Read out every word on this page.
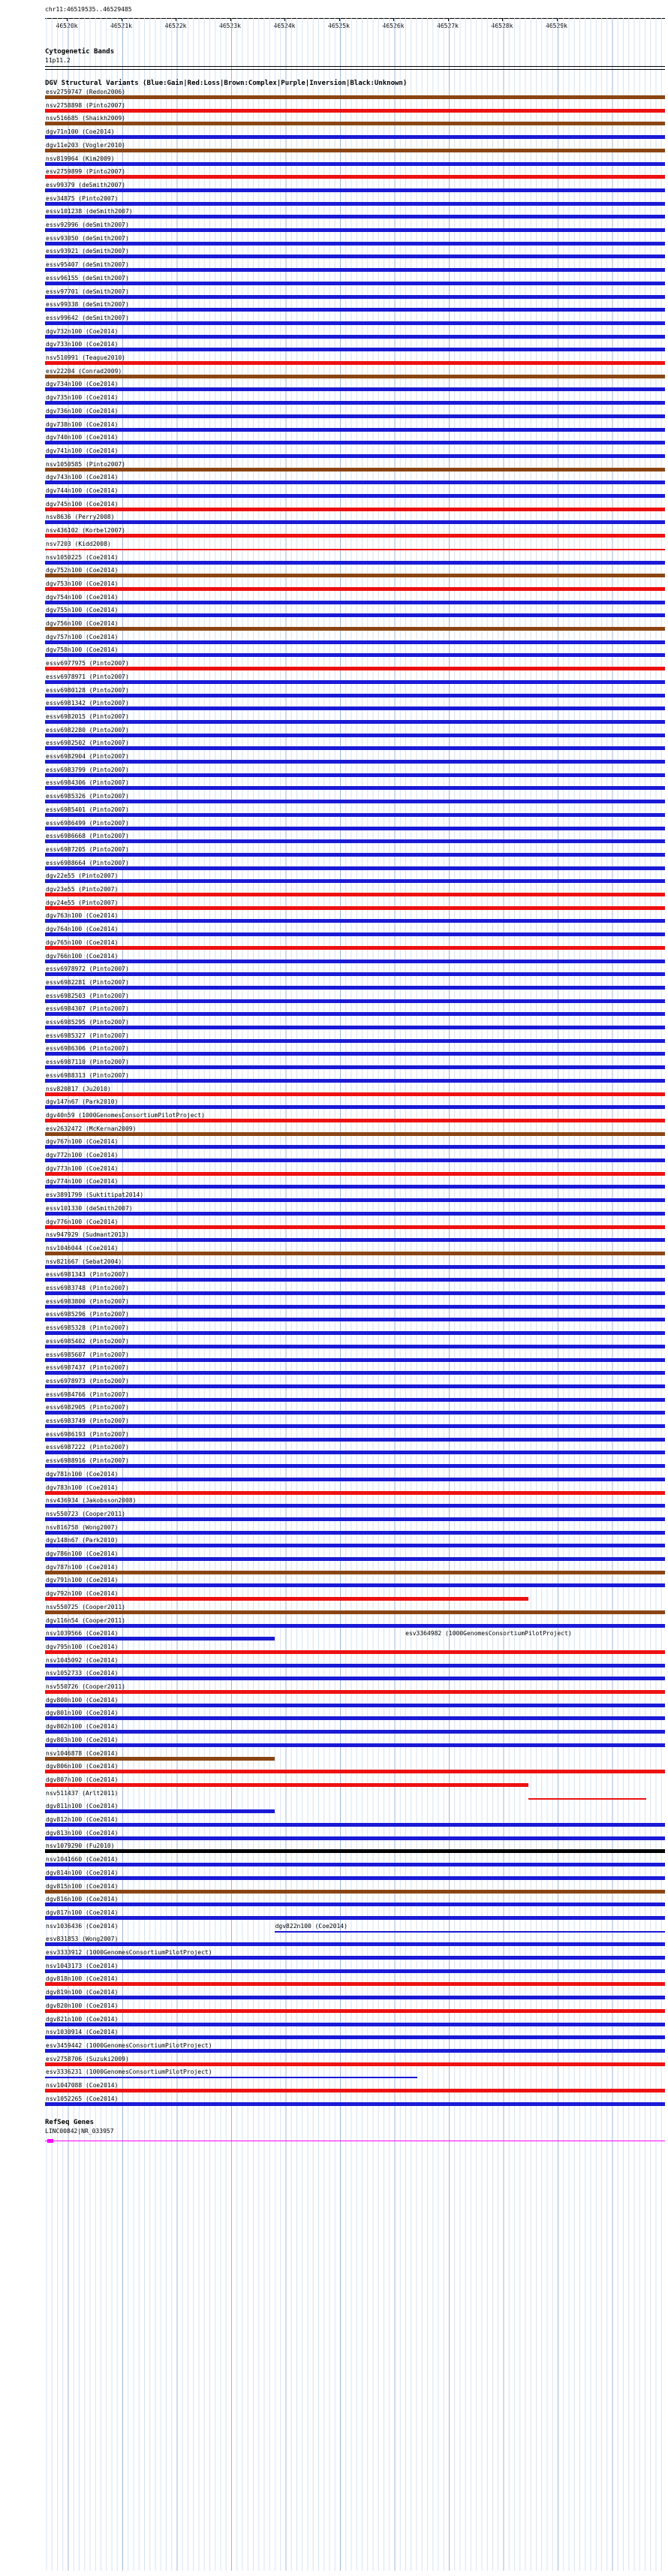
chr11:46519535..46529485
46520k	46521k	46522k	46523k	46524k	46525k	46526k	46527k	46528k	46529k
Cytogenetic Bands
11p11.2
DGV Structural Variants (Blue:Gain|Red:Loss|Brown:Complex|Purple|Inversion|Black:Unknown)
esv2759747 (Redon2006)
nsv2758898 (Pinto2007)
nsv516685 (Shaikh2009)
dgv71n100 (Coe2014)
dgv11e203 (Vogler2010)
nsv819964 (Kim2009)
esv2759899 (Pinto2007)
esv99379 (deSmith2007)
esv34875 (Pinto2007)
essv101238 (deSmith2007)
essv92996 (deSmith2007)
essv93050 (deSmith2007)
essv93921 (deSmith2007)
essv95407 (deSmith2007)
essv96155 (deSmith2007)
essv97701 (deSmith2007)
essv99338 (deSmith2007)
essv99642 (deSmith2007)
dgv732n100 (Coe2014)
dgv733n100 (Coe2014)
nsv510991 (Teague2010)
esv22204 (Conrad2009)
dgv734n100 (Coe2014)
dgv735n100 (Coe2014)
dgv736n100 (Coe2014)
dgv738n100 (Coe2014)
dgv740n100 (Coe2014)
dgv741n100 (Coe2014)
nsv1050585 (Pinto2007)
dgv743n100 (Coe2014)
dgv744n100 (Coe2014)
dgv745n100 (Coe2014)
nsv8636 (Perry2008)
nsv436102 (Korbel2007)
nsv7203 (Kidd2008)
nsv1050225 (Coe2014)
dgv752n100 (Coe2014)
dgv753n100 (Coe2014)
dgv754n100 (Coe2014)
dgv755n100 (Coe2014)
dgv756n100 (Coe2014)
dgv757n100 (Coe2014)
dgv758n100 (Coe2014)
essv6977975 (Pinto2007)
essv6978971 (Pinto2007)
essv6980128 (Pinto2007)
essv6981342 (Pinto2007)
essv6982015 (Pinto2007)
essv6982280 (Pinto2007)
essv6982502 (Pinto2007)
essv6982904 (Pinto2007)
essv6983799 (Pinto2007)
essv6984306 (Pinto2007)
essv6985326 (Pinto2007)
essv6985401 (Pinto2007)
essv6986499 (Pinto2007)
essv6986668 (Pinto2007)
essv6987205 (Pinto2007)
essv6988664 (Pinto2007)
dgv22e55 (Pinto2007)
dgv23e55 (Pinto2007)
dgv24e55 (Pinto2007)
dgv763n100 (Coe2014)
dgv764n100 (Coe2014)
dgv765n100 (Coe2014)
dgv766n100 (Coe2014)
essv6978972 (Pinto2007)
essv6982281 (Pinto2007)
essv6982503 (Pinto2007)
essv6984307 (Pinto2007)
essv6985295 (Pinto2007)
essv6985327 (Pinto2007)
essv6986306 (Pinto2007)
essv6987110 (Pinto2007)
essv6988313 (Pinto2007)
nsv820817 (Ju2010)
dgv147n67 (Park2010)
dgv40n59 (1000GenomesConsortiumPilotProject)
esv2632472 (McKernan2009)
dgv767n100 (Coe2014)
dgv772n100 (Coe2014)
dgv773n100 (Coe2014)
dgv774n100 (Coe2014)
esv3891799 (Suktitipat2014)
essv101330 (deSmith2007)
dgv776n100 (Coe2014)
nsv947929 (Sudmant2013)
nsv1046044 (Coe2014)
nsv821667 (Sebat2004)
essv6981343 (Pinto2007)
essv6983748 (Pinto2007)
essv6983800 (Pinto2007)
essv6985296 (Pinto2007)
essv6985328 (Pinto2007)
essv6985402 (Pinto2007)
essv6985607 (Pinto2007)
essv6987437 (Pinto2007)
essv6978973 (Pinto2007)
essv6984766 (Pinto2007)
essv6982905 (Pinto2007)
essv6983749 (Pinto2007)
essv6986193 (Pinto2007)
essv6987222 (Pinto2007)
essv6988916 (Pinto2007)
dgv781n100 (Coe2014)
dgv783n100 (Coe2014)
nsv436934 (Jakobsson2008)
nsv550723 (Cooper2011)
nsv816758 (Wong2007)
dgv148n67 (Park2010)
dgv786n100 (Coe2014)
dgv787n100 (Coe2014)
dgv791n100 (Coe2014)
dgv792n100 (Coe2014)
nsv550725 (Cooper2011)
dgv116n54 (Cooper2011)
nsv1039566 (Coe2014)	esv3364982 (1000GenomesConsortiumPilotProject)
dgv795n100 (Coe2014)
nsv1045092 (Coe2014)
nsv1052733 (Coe2014)
nsv550726 (Cooper2011)
dgv800n100 (Coe2014)
dgv801n100 (Coe2014)
dgv802n100 (Coe2014)
dgv803n100 (Coe2014)
nsv1046878 (Coe2014)
dgv806n100 (Coe2014)
dgv807n100 (Coe2014)
nsv511437 (Arlt2011)
dgv811n100 (Coe2014)
dgv812n100 (Coe2014)
dgv813n100 (Coe2014)
nsv1079290 (Fu2010)
nsv1041660 (Coe2014)
dgv814n100 (Coe2014)
dgv815n100 (Coe2014)
dgv816n100 (Coe2014)
dgv817n100 (Coe2014)
nsv1036436 (Coe2014)	dgv822n100 (Coe2014)
esv831853 (Wong2007)
esv3333912 (1000GenomesConsortiumPilotProject)
nsv1043173 (Coe2014)
dgv818n100 (Coe2014)
dgv819n100 (Coe2014)
dgv820n100 (Coe2014)
dgv821n100 (Coe2014)
nsv1030914 (Coe2014)
esv3459442 (1000GenomesConsortiumPilotProject)
esv2758706 (Suzuki2009)
esv3336231 (1000GenomesConsortiumPilotProject)
nsv1047088 (Coe2014)
nsv1052265 (Coe2014)
RefSeq Genes
LINC00842|NR_033957
